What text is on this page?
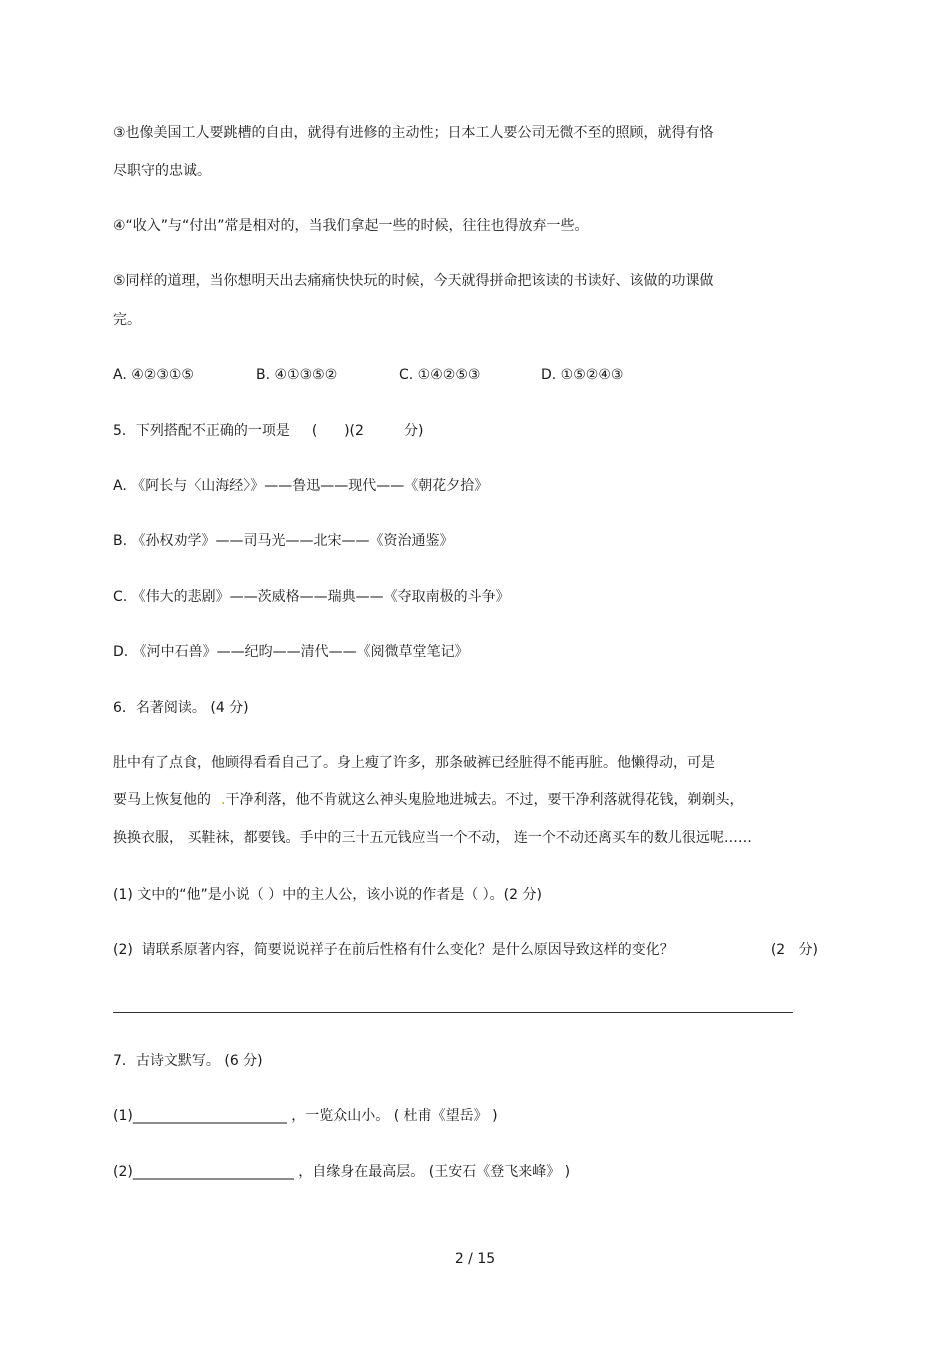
③也像美国工人要跳槽的自由，就得有进修的主动性；日本工人要公司无微不至的照顾，就得有恪
尽职守的忠诚。
④“收入”与“付出”常是相对的，当我们拿起一些的时候，往往也得放弃一些。
⑤同样的道理，当你想明天出去痛痛快快玩的时候，今天就得拼命把该读的书读好、该做的功课做
完。
A. ④②③①⑤	B. ④①③⑤②	C. ①④②⑤③	D. ①⑤②④③
5．下列搭配不正确的一项是 (      )(2         分)
A. 《阿长与〈山海经〉》——鲁迅——现代——《朝花夕拾》
B. 《孙权劝学》——司马光——北宋——《资治通鉴》
C. 《伟大的悲剧》——茨威格——瑞典——《夺取南极的斗争》
D. 《河中石兽》——纪昀——清代——《阅微草堂笔记》
6．名著阅读。 (4 分)
肚中有了点食，他顾得看看自己了。身上瘦了许多，那条破裤已经脏得不能再脏。他懒得动，可是
要马上恢复他的 .干净利落，他不肯就这么神头鬼脸地进城去。不过，要干净利落就得花钱，剃剃头，
换换衣服， 买鞋袜，都要钱。手中的三十五元钱应当一个不动， 连一个不动还离买车的数儿很远呢……
(1) 文中的“他”是小说（ ）中的主人公，该小说的作者是（ ）。(2 分)
(2)  请联系原著内容，简要说说祥子在前后性格有什么变化？是什么原因导致这样的变化？	(2   分)
7．古诗文默写。 (6 分)
(1)______________________ ，一览众山小。 ( 杜甫《望岳》 )
(2)_______________________ ，自缘身在最高层。 (王安石《登飞来峰》 )
2 / 15
